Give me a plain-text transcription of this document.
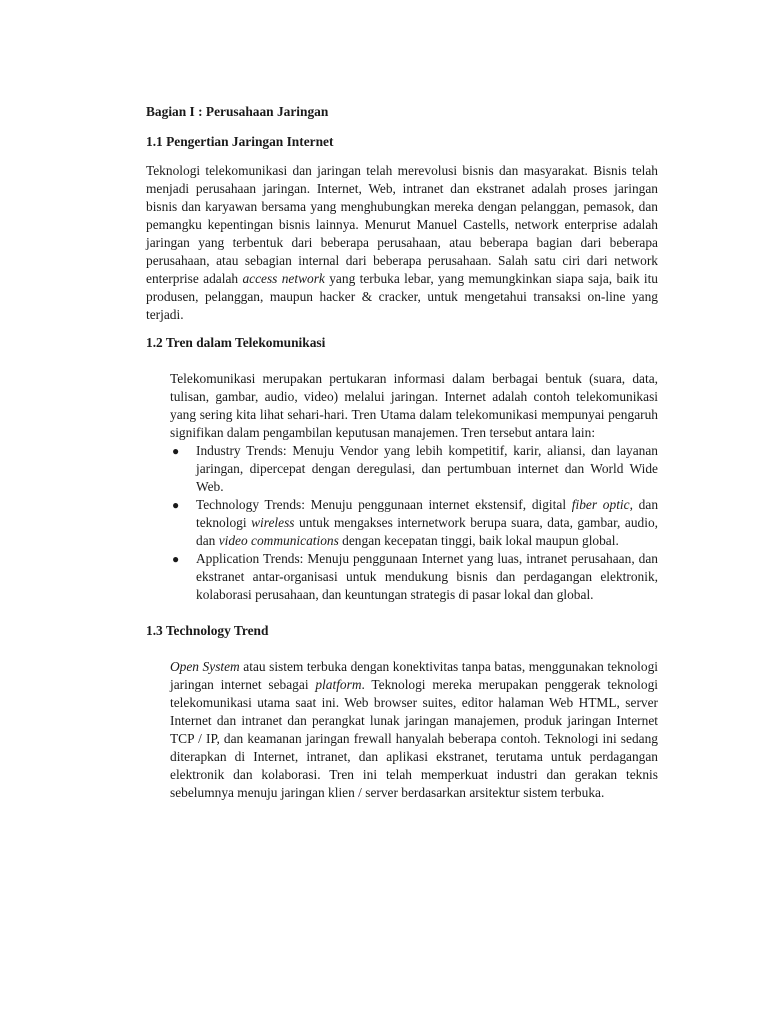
Bagian I : Perusahaan Jaringan
1.1 Pengertian Jaringan Internet

Teknologi telekomunikasi dan jaringan telah merevolusi bisnis dan masyarakat. Bisnis telah menjadi perusahaan jaringan. Internet, Web, intranet dan ekstranet adalah proses jaringan bisnis dan karyawan bersama yang menghubungkan mereka dengan pelanggan, pemasok, dan pemangku kepentingan bisnis lainnya. Menurut Manuel Castells, network enterprise adalah jaringan yang terbentuk dari beberapa perusahaan, atau beberapa bagian dari beberapa perusahaan, atau sebagian internal dari beberapa perusahaan. Salah satu ciri dari network enterprise adalah access network yang terbuka lebar, yang memungkinkan siapa saja, baik itu produsen, pelanggan, maupun hacker & cracker, untuk mengetahui transaksi on-line yang terjadi.

1.2 Tren dalam Telekomunikasi

Telekomunikasi merupakan pertukaran informasi dalam berbagai bentuk (suara, data, tulisan, gambar, audio, video) melalui jaringan. Internet adalah contoh telekomunikasi yang sering kita lihat sehari-hari. Tren Utama dalam telekomunikasi mempunyai pengaruh signifikan dalam pengambilan keputusan manajemen. Tren tersebut antara lain:

● Industry Trends: Menuju Vendor yang lebih kompetitif, karir, aliansi, dan layanan jaringan, dipercepat dengan deregulasi, dan pertumbuan internet dan World Wide Web.
● Technology Trends: Menuju penggunaan internet ekstensif, digital fiber optic, dan teknologi wireless untuk mengakses internetwork berupa suara, data, gambar, audio, dan video communications dengan kecepatan tinggi, baik lokal maupun global.
● Application Trends: Menuju penggunaan Internet yang luas, intranet perusahaan, dan ekstranet antar-organisasi untuk mendukung bisnis dan perdagangan elektronik, kolaborasi perusahaan, dan keuntungan strategis di pasar lokal dan global.
1.3 Technology Trend

Open System atau sistem terbuka dengan konektivitas tanpa batas, menggunakan teknologi jaringan internet sebagai platform. Teknologi mereka merupakan penggerak teknologi telekomunikasi utama saat ini. Web browser suites, editor halaman Web HTML, server Internet dan intranet dan perangkat lunak jaringan manajemen, produk jaringan Internet TCP / IP, dan keamanan jaringan frewall hanyalah beberapa contoh. Teknologi ini sedang diterapkan di Internet, intranet, dan aplikasi ekstranet, terutama untuk perdagangan elektronik dan kolaborasi. Tren ini telah memperkuat industri dan gerakan teknis sebelumnya menuju jaringan klien / server berdasarkan arsitektur sistem terbuka.
